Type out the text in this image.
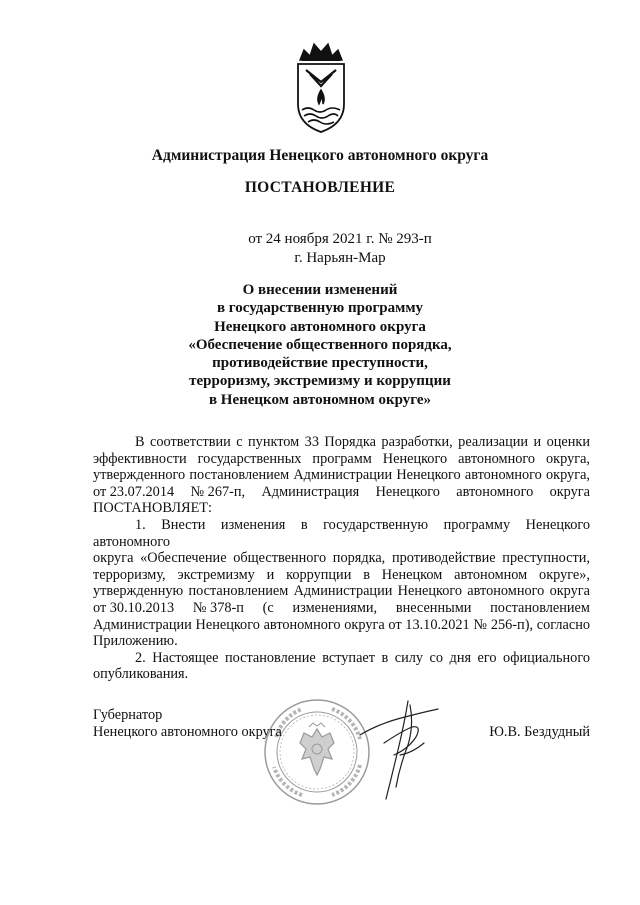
Администрация Ненецкого автономного округа
ПОСТАНОВЛЕНИЕ
от 24 ноября 2021 г. № 293-п
г. Нарьян-Мар
О внесении изменений
в государственную программу
Ненецкого автономного округа
«Обеспечение общественного порядка,
противодействие преступности,
терроризму, экстремизму и коррупции
в Ненецком автономном округе»
В соответствии с пунктом 33 Порядка разработки, реализации и оценки
эффективности государственных программ Ненецкого автономного округа,
утвержденного постановлением Администрации Ненецкого автономного округа,
от 23.07.2014 № 267-п, Администрация Ненецкого автономного округа
ПОСТАНОВЛЯЕТ:
1. Внести изменения в государственную программу Ненецкого автономного
округа «Обеспечение общественного порядка, противодействие преступности,
терроризму, экстремизму и коррупции в Ненецком автономном округе»,
утвержденную постановлением Администрации Ненецкого автономного округа
от 30.10.2013 № 378-п (с изменениями, внесенными постановлением
Администрации Ненецкого автономного округа от 13.10.2021 № 256-п), согласно
Приложению.
2. Настоящее постановление вступает в силу со дня его официального
опубликования.
Губернатор
Ненецкого автономного округа	Ю.В. Бездудный
